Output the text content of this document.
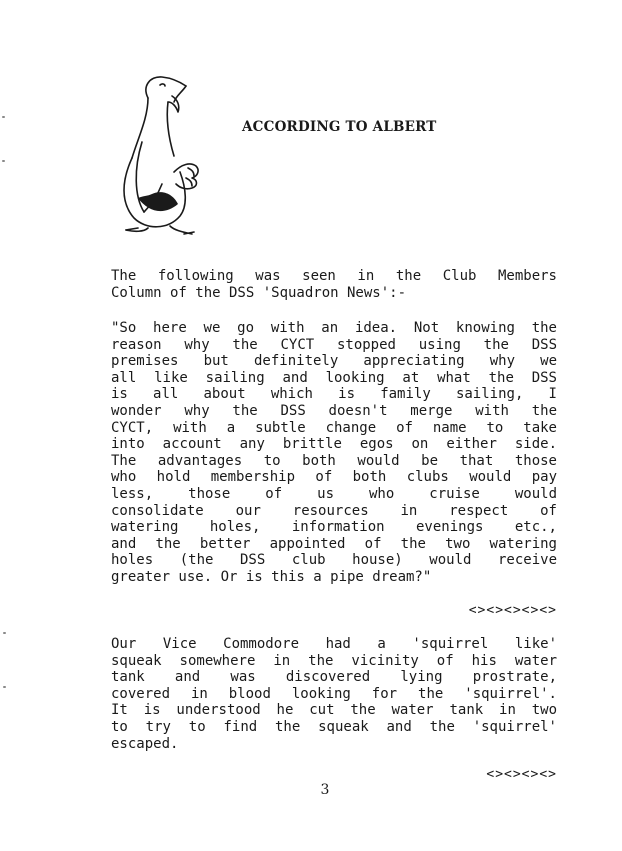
ACCORDING TO ALBERT
The following was seen in the Club Members
Column of the DSS 'Squadron News':-
"So here we go with an idea. Not knowing the
reason why the CYCT stopped using the DSS
premises but definitely appreciating why we
all like sailing and looking at what the DSS
is all about which is family sailing, I
wonder why the DSS doesn't merge with the
CYCT, with a subtle change of name to take
into account any brittle egos on either side.
The advantages to both would be that those
who hold membership of both clubs would pay
less, those of us who cruise would
consolidate our resources in respect of
watering holes, information evenings etc.,
and the better appointed of the two watering
holes (the DSS club house) would receive
greater use. Or is this a pipe dream?"
<><><><><>
Our Vice Commodore had a 'squirrel like'
squeak somewhere in the vicinity of his water
tank and was discovered lying prostrate,
covered in blood looking for the 'squirrel'.
It is understood he cut the water tank in two
to try to find the squeak and the 'squirrel'
escaped.
<><><><>
3
